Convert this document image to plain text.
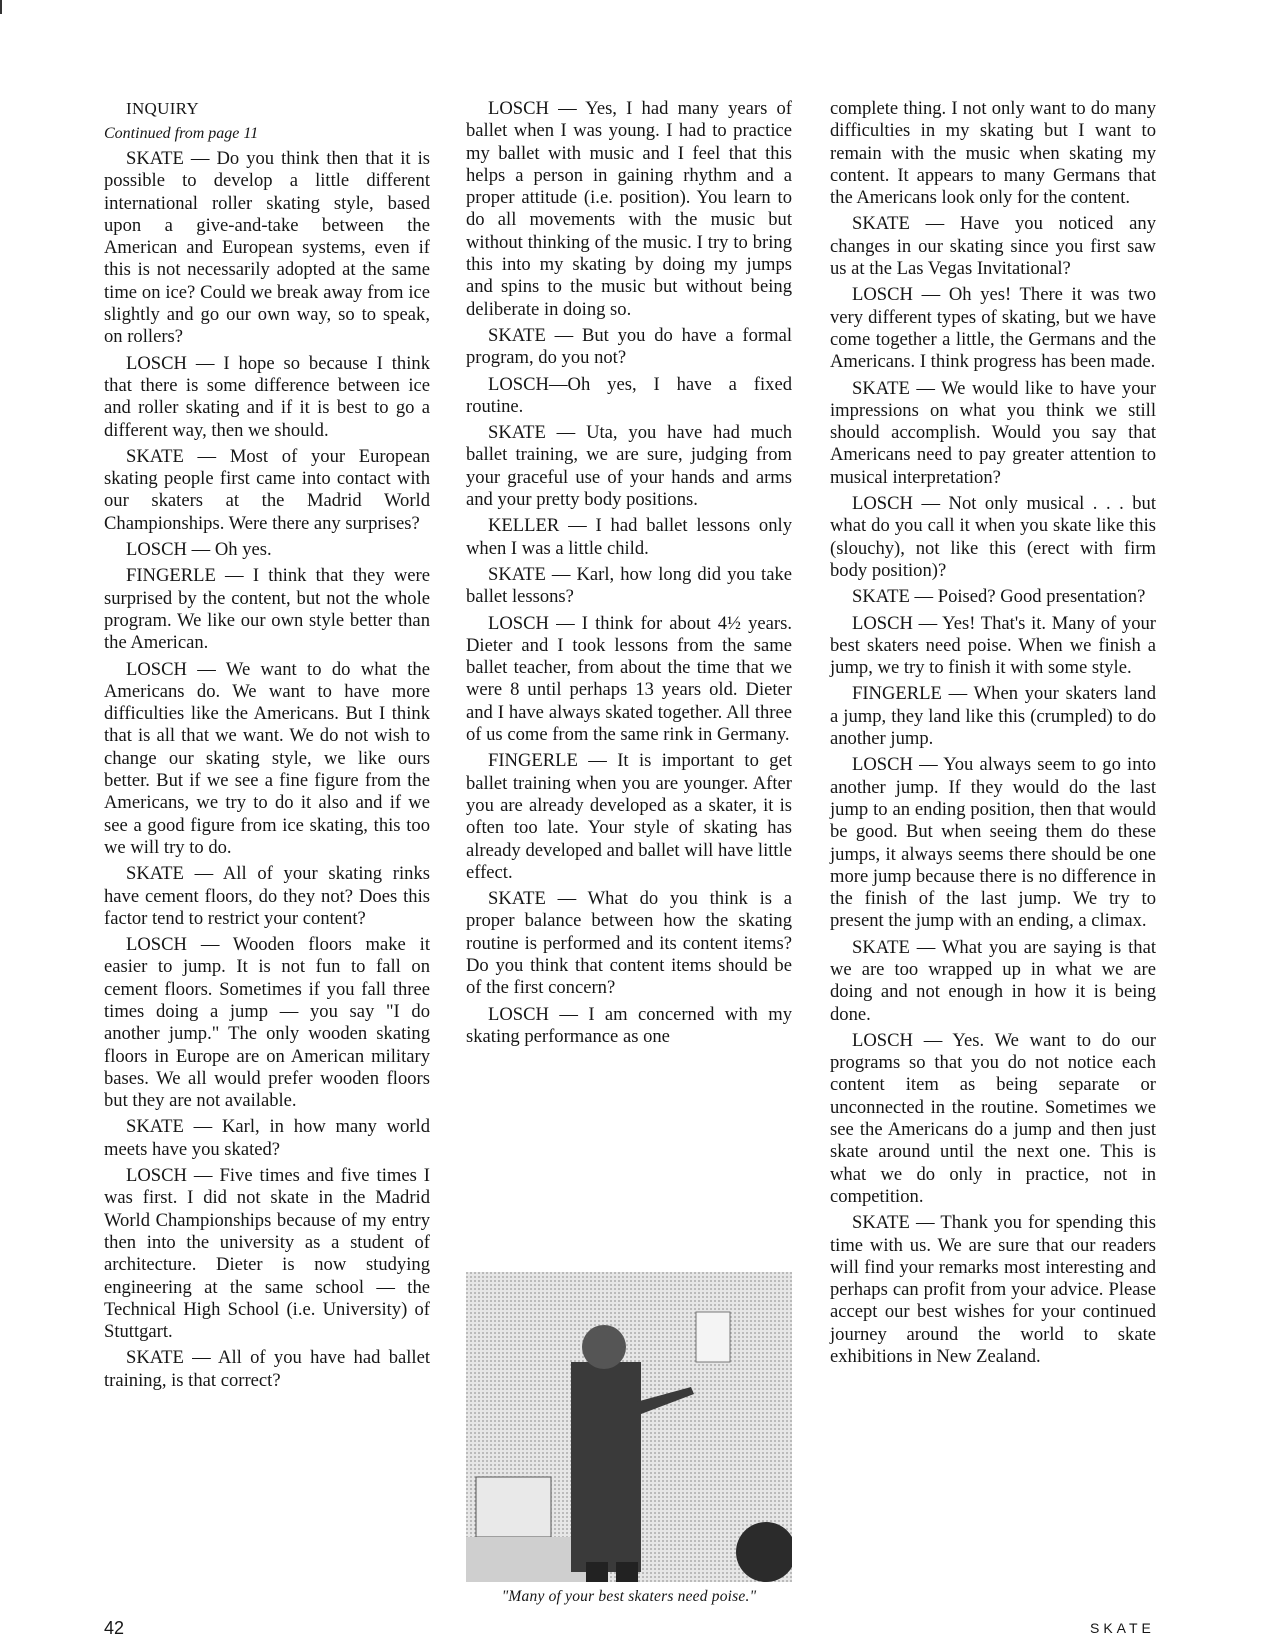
INQUIRY

Continued from page 11

SKATE — Do you think then that it is possible to develop a little different international roller skating style, based upon a give-and-take between the American and European systems, even if this is not necessarily adopted at the same time on ice? Could we break away from ice slightly and go our own way, so to speak, on rollers?

LOSCH — I hope so because I think that there is some difference between ice and roller skating and if it is best to go a different way, then we should.

SKATE — Most of your European skating people first came into contact with our skaters at the Madrid World Championships. Were there any surprises?

LOSCH — Oh yes.

FINGERLE — I think that they were surprised by the content, but not the whole program. We like our own style better than the American.

LOSCH — We want to do what the Americans do. We want to have more difficulties like the Americans. But I think that is all that we want. We do not wish to change our skating style, we like ours better. But if we see a fine figure from the Americans, we try to do it also and if we see a good figure from ice skating, this too we will try to do.

SKATE — All of your skating rinks have cement floors, do they not? Does this factor tend to restrict your content?

LOSCH — Wooden floors make it easier to jump. It is not fun to fall on cement floors. Sometimes if you fall three times doing a jump — you say "I do another jump." The only wooden skating floors in Europe are on American military bases. We all would prefer wooden floors but they are not available.

SKATE — Karl, in how many world meets have you skated?

LOSCH — Five times and five times I was first. I did not skate in the Madrid World Championships because of my entry then into the university as a student of architecture. Dieter is now studying engineering at the same school — the Technical High School (i.e. University) of Stuttgart.

SKATE — All of you have had ballet training, is that correct?

LOSCH — Yes, I had many years of ballet when I was young. I had to practice my ballet with music and I feel that this helps a person in gaining rhythm and a proper attitude (i.e. position). You learn to do all movements with the music but without thinking of the music. I try to bring this into my skating by doing my jumps and spins to the music but without being deliberate in doing so.

SKATE — But you do have a formal program, do you not?

LOSCH—Oh yes, I have a fixed routine.

SKATE — Uta, you have had much ballet training, we are sure, judging from your graceful use of your hands and arms and your pretty body positions.

KELLER — I had ballet lessons only when I was a little child.

SKATE — Karl, how long did you take ballet lessons?

LOSCH — I think for about 4½ years. Dieter and I took lessons from the same ballet teacher, from about the time that we were 8 until perhaps 13 years old. Dieter and I have always skated together. All three of us come from the same rink in Germany.

FINGERLE — It is important to get ballet training when you are younger. After you are already developed as a skater, it is often too late. Your style of skating has already developed and ballet will have little effect.

SKATE — What do you think is a proper balance between how the skating routine is performed and its content items? Do you think that content items should be of the first concern?

LOSCH — I am concerned with my skating performance as one

"Many of your best skaters need poise."

complete thing. I not only want to do many difficulties in my skating but I want to remain with the music when skating my content. It appears to many Germans that the Americans look only for the content.

SKATE — Have you noticed any changes in our skating since you first saw us at the Las Vegas Invitational?

LOSCH — Oh yes! There it was two very different types of skating, but we have come together a little, the Germans and the Americans. I think progress has been made.

SKATE — We would like to have your impressions on what you think we still should accomplish. Would you say that Americans need to pay greater attention to musical interpretation?

LOSCH — Not only musical . . . but what do you call it when you skate like this (slouchy), not like this (erect with firm body position)?

SKATE — Poised? Good presentation?

LOSCH — Yes! That's it. Many of your best skaters need poise. When we finish a jump, we try to finish it with some style.

FINGERLE — When your skaters land a jump, they land like this (crumpled) to do another jump.

LOSCH — You always seem to go into another jump. If they would do the last jump to an ending position, then that would be good. But when seeing them do these jumps, it always seems there should be one more jump because there is no difference in the finish of the last jump. We try to present the jump with an ending, a climax.

SKATE — What you are saying is that we are too wrapped up in what we are doing and not enough in how it is being done.

LOSCH — Yes. We want to do our programs so that you do not notice each content item as being separate or unconnected in the routine. Sometimes we see the Americans do a jump and then just skate around until the next one. This is what we do only in practice, not in competition.

SKATE — Thank you for spending this time with us. We are sure that our readers will find your remarks most interesting and perhaps can profit from your advice. Please accept our best wishes for your continued journey around the world to skate exhibitions in New Zealand.

42	SKATE
